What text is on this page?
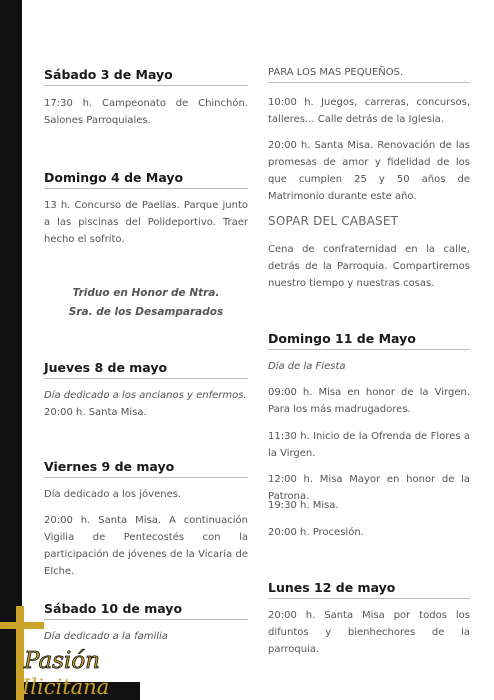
Sábado 3 de Mayo

17:30 h. Campeonato de Chinchón. Salones Parroquiales.

Domingo 4 de Mayo

13 h. Concurso de Paellas. Parque junto a las piscinas del Polideportivo. Traer hecho el sofrito.

Triduo en Honor de Ntra.
Sra. de los Desamparados
Jueves 8 de mayo

Día dedicado a los ancianos y enfermos.

20:00 h. Santa Misa.

Viernes 9 de mayo

Día dedicado a los jóvenes.

20:00 h. Santa Misa. A continuación Vigilia de Pentecostés con la participación de jóvenes de la Vicaría de Elche.

Sábado 10 de mayo

Día dedicado a la familia

PARA LOS MAS PEQUEÑOS.

10:00 h. Juegos, carreras, concursos, talleres... Calle detrás de la Iglesia.

20:00 h. Santa Misa. Renovación de las promesas de amor y fidelidad de los que cumplen 25 y 50 años de Matrimonio durante este año.

SOPAR DEL CABASET

Cena de confraternidad en la calle, detrás de la Parroquia. Compartiremos nuestro tiempo y nuestras cosas.

Domingo 11 de Mayo

Día de la Fiesta

09:00 h. Misa en honor de la Virgen. Para los más madrugadores.

11:30 h. Inicio de la Ofrenda de Flores a la Virgen.

12:00 h. Misa Mayor en honor de la Patrona.

19:30 h. Misa.

20:00 h. Procesión.

Lunes 12 de mayo

20:00 h. Santa Misa por todos los difuntos y bienhechores de la parroquia.

Pasión
Ilicitana
